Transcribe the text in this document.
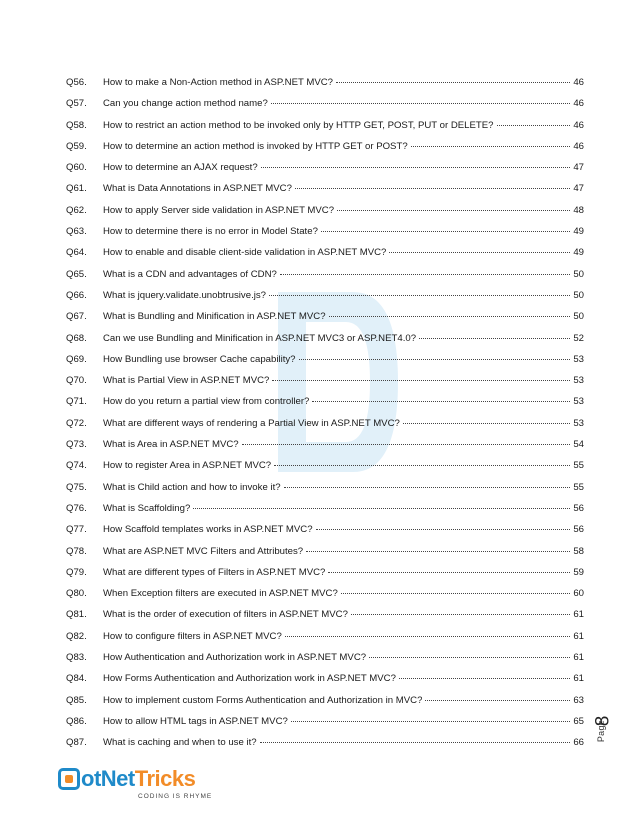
Q56.	How to make a Non-Action method in ASP.NET MVC?	46
Q57.	Can you change action method name?	46
Q58.	How to restrict an action method to be invoked only by HTTP GET, POST, PUT or DELETE?	46
Q59.	How to determine an action method is invoked by HTTP GET or POST?	46
Q60.	How to determine an AJAX request?	47
Q61.	What is Data Annotations in ASP.NET MVC?	47
Q62.	How to apply Server side validation in ASP.NET MVC?	48
Q63.	How to determine there is no error in Model State?	49
Q64.	How to enable and disable client-side validation in ASP.NET MVC?	49
Q65.	What is a CDN and advantages of CDN?	50
Q66.	What is jquery.validate.unobtrusive.js?	50
Q67.	What is Bundling and Minification in ASP.NET MVC?	50
Q68.	Can we use Bundling and Minification in ASP.NET MVC3 or ASP.NET4.0?	52
Q69.	How Bundling use browser Cache capability?	53
Q70.	What is Partial View in ASP.NET MVC?	53
Q71.	How do you return a partial view from controller?	53
Q72.	What are different ways of rendering a Partial View in ASP.NET MVC?	53
Q73.	What is Area in ASP.NET MVC?	54
Q74.	How to register Area in ASP.NET MVC?	55
Q75.	What is Child action and how to invoke it?	55
Q76.	What is Scaffolding?	56
Q77.	How Scaffold templates works in ASP.NET MVC?	56
Q78.	What are ASP.NET MVC Filters and Attributes?	58
Q79.	What are different types of Filters in ASP.NET MVC?	59
Q80.	When Exception filters are executed in ASP.NET MVC?	60
Q81.	What is the order of execution of filters in ASP.NET MVC?	61
Q82.	How to configure filters in ASP.NET MVC?	61
Q83.	How Authentication and Authorization work in ASP.NET MVC?	61
Q84.	How Forms Authentication and Authorization work in ASP.NET MVC?	61
Q85.	How to implement custom Forms Authentication and Authorization in MVC?	63
Q86.	How to allow HTML tags in ASP.NET MVC?	65
Q87.	What is caching and when to use it?	66
Page
8
otNet Tricks
CODING IS RHYME
